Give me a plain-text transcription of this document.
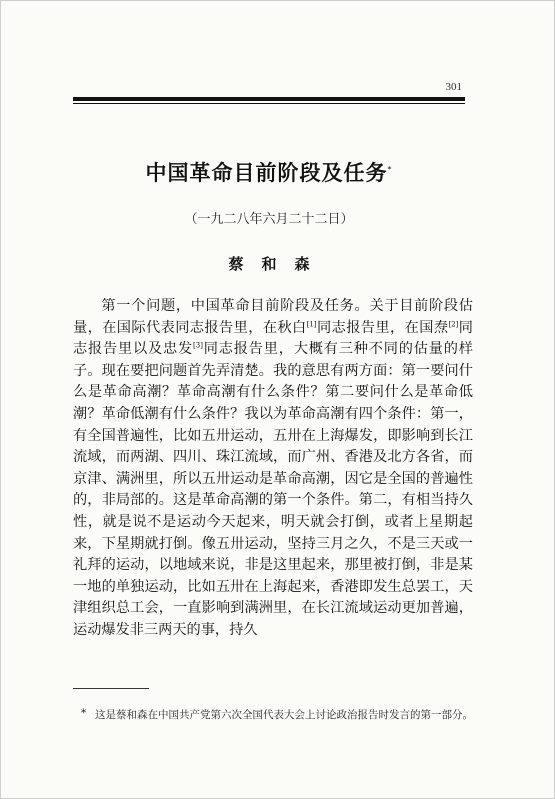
301
中国革命目前阶段及任务*
（一九二八年六月二十二日）
蔡和森
第一个问题，中国革命目前阶段及任务。关于目前阶段估量，在国际代表同志报告里，在秋白[1]同志报告里，在国焘[2]同志报告里以及忠发[3]同志报告里，大概有三种不同的估量的样子。现在要把问题首先弄清楚。我的意思有两方面：第一要问什么是革命高潮？革命高潮有什么条件？第二要问什么是革命低潮？革命低潮有什么条件？我以为革命高潮有四个条件：第一，有全国普遍性，比如五卅运动，五卅在上海爆发，即影响到长江流域，而两湖、四川、珠江流域，而广州、香港及北方各省，而京津、满洲里，所以五卅运动是革命高潮，因它是全国的普遍性的，非局部的。这是革命高潮的第一个条件。第二，有相当持久性，就是说不是运动今天起来，明天就会打倒，或者上星期起来，下星期就打倒。像五卅运动，坚持三月之久，不是三天或一礼拜的运动，以地域来说，非是这里起来，那里被打倒，非是某一地的单独运动，比如五卅在上海起来，香港即发生总罢工，天津组织总工会，一直影响到满洲里，在长江流域运动更加普遍，运动爆发非三两天的事，持久
* 这是蔡和森在中国共产党第六次全国代表大会上讨论政治报告时发言的第一部分。
